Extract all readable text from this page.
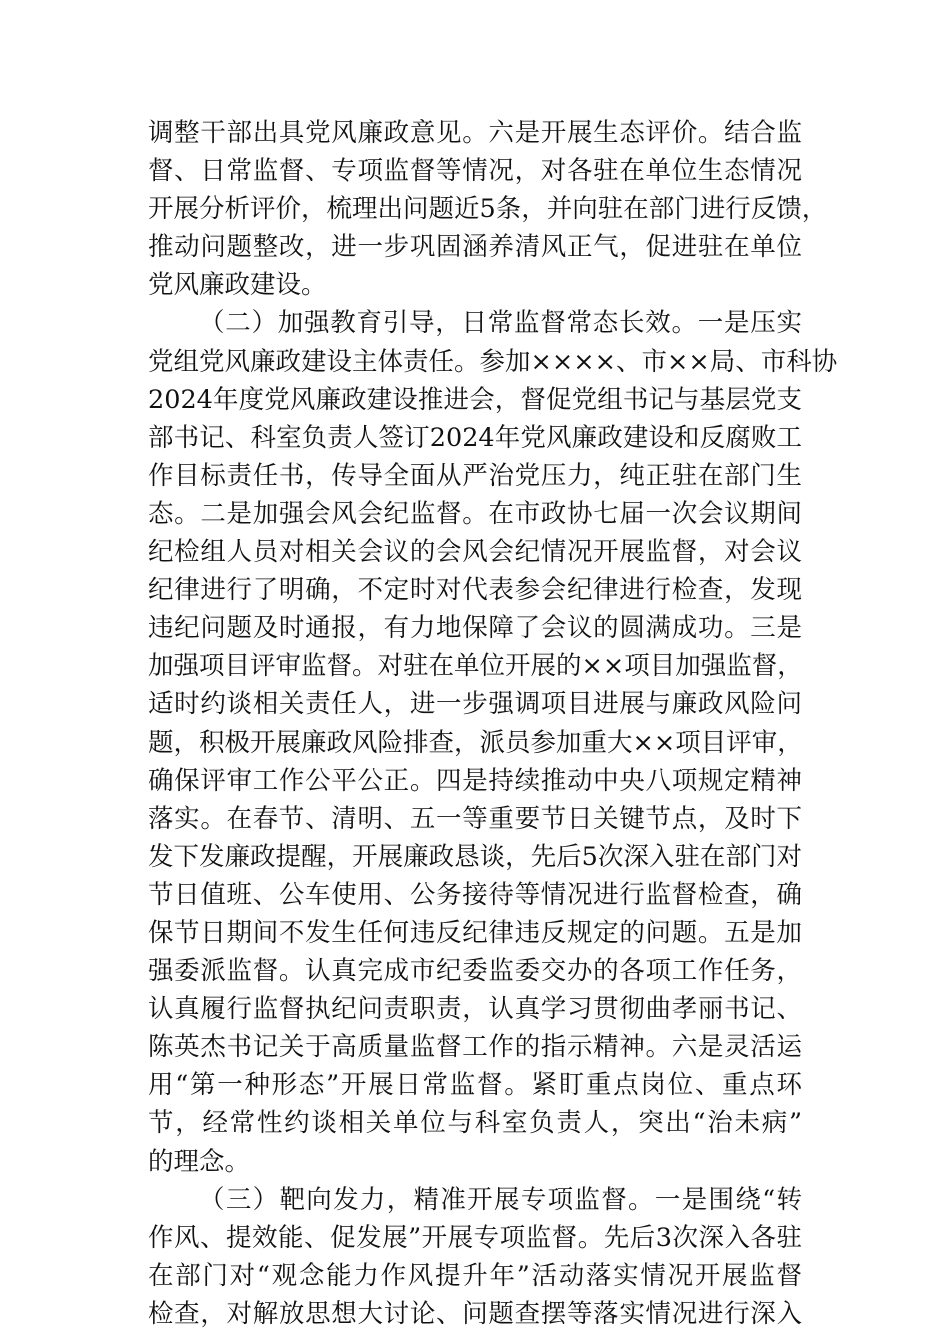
调整干部出具党风廉政意见。六是开展生态评价。结合监
督、日常监督、专项监督等情况，对各驻在单位生态情况
开展分析评价，梳理出问题近5条，并向驻在部门进行反馈，
推动问题整改，进一步巩固涵养清风正气，促进驻在单位
党风廉政建设。
（二）加强教育引导，日常监督常态长效。一是压实
党组党风廉政建设主体责任。参加××××、市××局、市科协
2024年度党风廉政建设推进会，督促党组书记与基层党支
部书记、科室负责人签订2024年党风廉政建设和反腐败工
作目标责任书，传导全面从严治党压力，纯正驻在部门生
态。二是加强会风会纪监督。在市政协七届一次会议期间
纪检组人员对相关会议的会风会纪情况开展监督，对会议
纪律进行了明确，不定时对代表参会纪律进行检查，发现
违纪问题及时通报，有力地保障了会议的圆满成功。三是
加强项目评审监督。对驻在单位开展的××项目加强监督，
适时约谈相关责任人，进一步强调项目进展与廉政风险问
题，积极开展廉政风险排查，派员参加重大××项目评审，
确保评审工作公平公正。四是持续推动中央八项规定精神
落实。在春节、清明、五一等重要节日关键节点，及时下
发下发廉政提醒，开展廉政恳谈，先后5次深入驻在部门对
节日值班、公车使用、公务接待等情况进行监督检查，确
保节日期间不发生任何违反纪律违反规定的问题。五是加
强委派监督。认真完成市纪委监委交办的各项工作任务，
认真履行监督执纪问责职责，认真学习贯彻曲孝丽书记、
陈英杰书记关于高质量监督工作的指示精神。六是灵活运
用“第一种形态”开展日常监督。紧盯重点岗位、重点环
节，经常性约谈相关单位与科室负责人，突出“治未病”
的理念。
（三）靶向发力，精准开展专项监督。一是围绕“转
作风、提效能、促发展”开展专项监督。先后3次深入各驻
在部门对“观念能力作风提升年”活动落实情况开展监督
检查，对解放思想大讨论、问题查摆等落实情况进行深入
